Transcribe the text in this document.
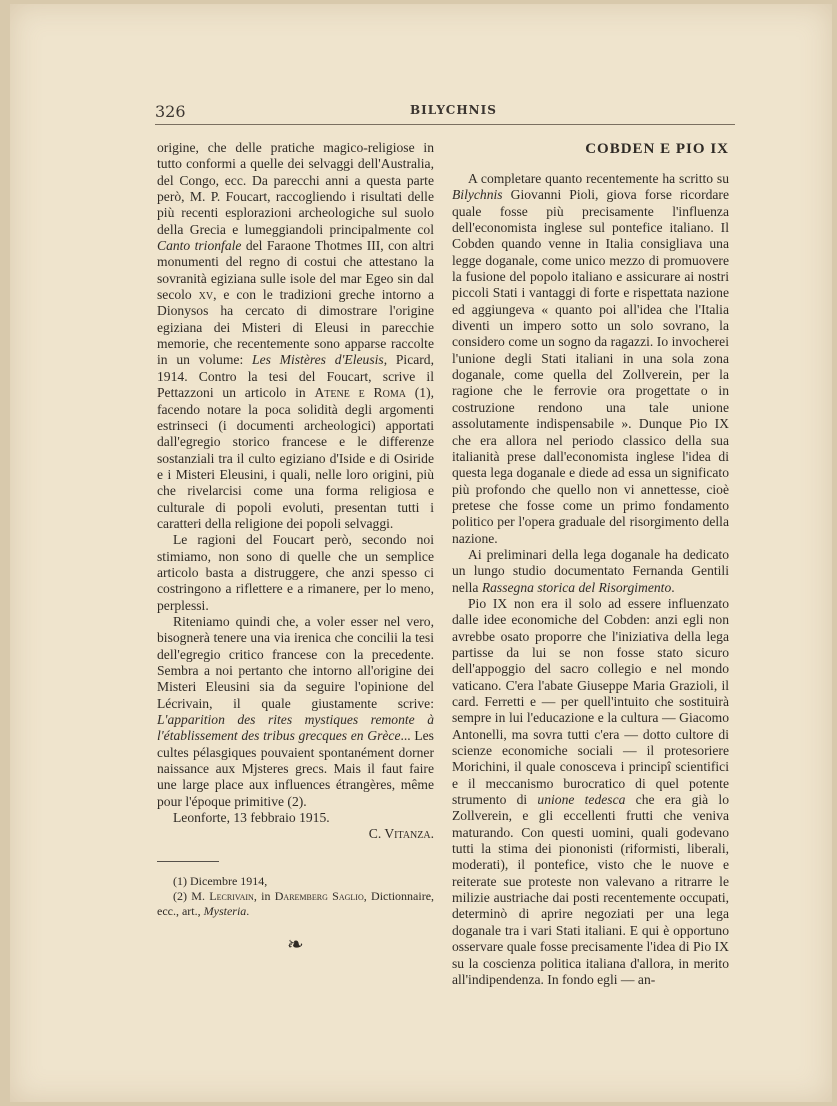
326	BILYCHNIS

origine, che delle pratiche magico-religiose in tutto conformi a quelle dei selvaggi dell'Australia, del Congo, ecc. Da parecchi anni a questa parte però, M. P. Foucart, raccogliendo i risultati delle più recenti esplorazioni archeologiche sul suolo della Grecia e lumeggiandoli principalmente col Canto trionfale del Faraone Thotmes III, con altri monumenti del regno di costui che attestano la sovranità egiziana sulle isole del mar Egeo sin dal secolo xv, e con le tradizioni greche intorno a Dionysos ha cercato di dimostrare l'origine egiziana dei Misteri di Eleusi in parecchie memorie, che recentemente sono apparse raccolte in un volume: Les Mistères d'Eleusis, Picard, 1914. Contro la tesi del Foucart, scrive il Pettazzoni un articolo in Atene e Roma (1), facendo notare la poca solidità degli argomenti estrinseci (i documenti archeologici) apportati dall'egregio storico francese e le differenze sostanziali tra il culto egiziano d'Iside e di Osiride e i Misteri Eleusini, i quali, nelle loro origini, più che rivelarcisi come una forma religiosa e culturale di popoli evoluti, presentan tutti i caratteri della religione dei popoli selvaggi.

Le ragioni del Foucart però, secondo noi stimiamo, non sono di quelle che un semplice articolo basta a distruggere, che anzi spesso ci costringono a riflettere e a rimanere, per lo meno, perplessi.

Riteniamo quindi che, a voler esser nel vero, bisognerà tenere una via irenica che concilii la tesi dell'egregio critico francese con la precedente. Sembra a noi pertanto che intorno all'origine dei Misteri Eleusini sia da seguire l'opinione del Lécrivain, il quale giustamente scrive: L'apparition des rites mystiques remonte à l'établissement des tribus grecques en Grèce... Les cultes pélasgiques pouvaient spontanément dorner naissance aux Mjsteres grecs. Mais il faut faire une large place aux influences étrangères, même pour l'époque primitive (2).

Leonforte, 13 febbraio 1915.

C. Vitanza.

(1) Dicembre 1914,

(2) M. Lecrivain, in Daremberg Saglio, Dictionnaire, ecc., art., Mysteria.

❧
COBDEN E PIO IX

A completare quanto recentemente ha scritto su Bilychnis Giovanni Pioli, giova forse ricordare quale fosse più precisamente l'influenza dell'economista inglese sul pontefice italiano. Il Cobden quando venne in Italia consigliava una legge doganale, come unico mezzo di promuovere la fusione del popolo italiano e assicurare ai nostri piccoli Stati i vantaggi di forte e rispettata nazione ed aggiungeva « quanto poi all'idea che l'Italia diventi un impero sotto un solo sovrano, la considero come un sogno da ragazzi. Io invocherei l'unione degli Stati italiani in una sola zona doganale, come quella del Zollverein, per la ragione che le ferrovie ora progettate o in costruzione rendono una tale unione assolutamente indispensabile ». Dunque Pio IX che era allora nel periodo classico della sua italianità prese dall'economista inglese l'idea di questa lega doganale e diede ad essa un significato più profondo che quello non vi annettesse, cioè pretese che fosse come un primo fondamento politico per l'opera graduale del risorgimento della nazione.

Ai preliminari della lega doganale ha dedicato un lungo studio documentato Fernanda Gentili nella Rassegna storica del Risorgimento.

Pio IX non era il solo ad essere influenzato dalle idee economiche del Cobden: anzi egli non avrebbe osato proporre che l'iniziativa della lega partisse da lui se non fosse stato sicuro dell'appoggio del sacro collegio e nel mondo vaticano. C'era l'abate Giuseppe Maria Grazioli, il card. Ferretti e — per quell'intuito che sostituirà sempre in lui l'educazione e la cultura — Giacomo Antonelli, ma sovra tutti c'era — dotto cultore di scienze economiche sociali — il protesoriere Morichini, il quale conosceva i principî scientifici e il meccanismo burocratico di quel potente strumento di unione tedesca che era già lo Zollverein, e gli eccellenti frutti che veniva maturando. Con questi uomini, quali godevano tutti la stima dei piononisti (riformisti, liberali, moderati), il pontefice, visto che le nuove e reiterate sue proteste non valevano a ritrarre le milizie austriache dai posti recentemente occupati, determinò di aprire negoziati per una lega doganale tra i vari Stati italiani. E qui è opportuno osservare quale fosse precisamente l'idea di Pio IX su la coscienza politica italiana d'allora, in merito all'indipendenza. In fondo egli — an-
